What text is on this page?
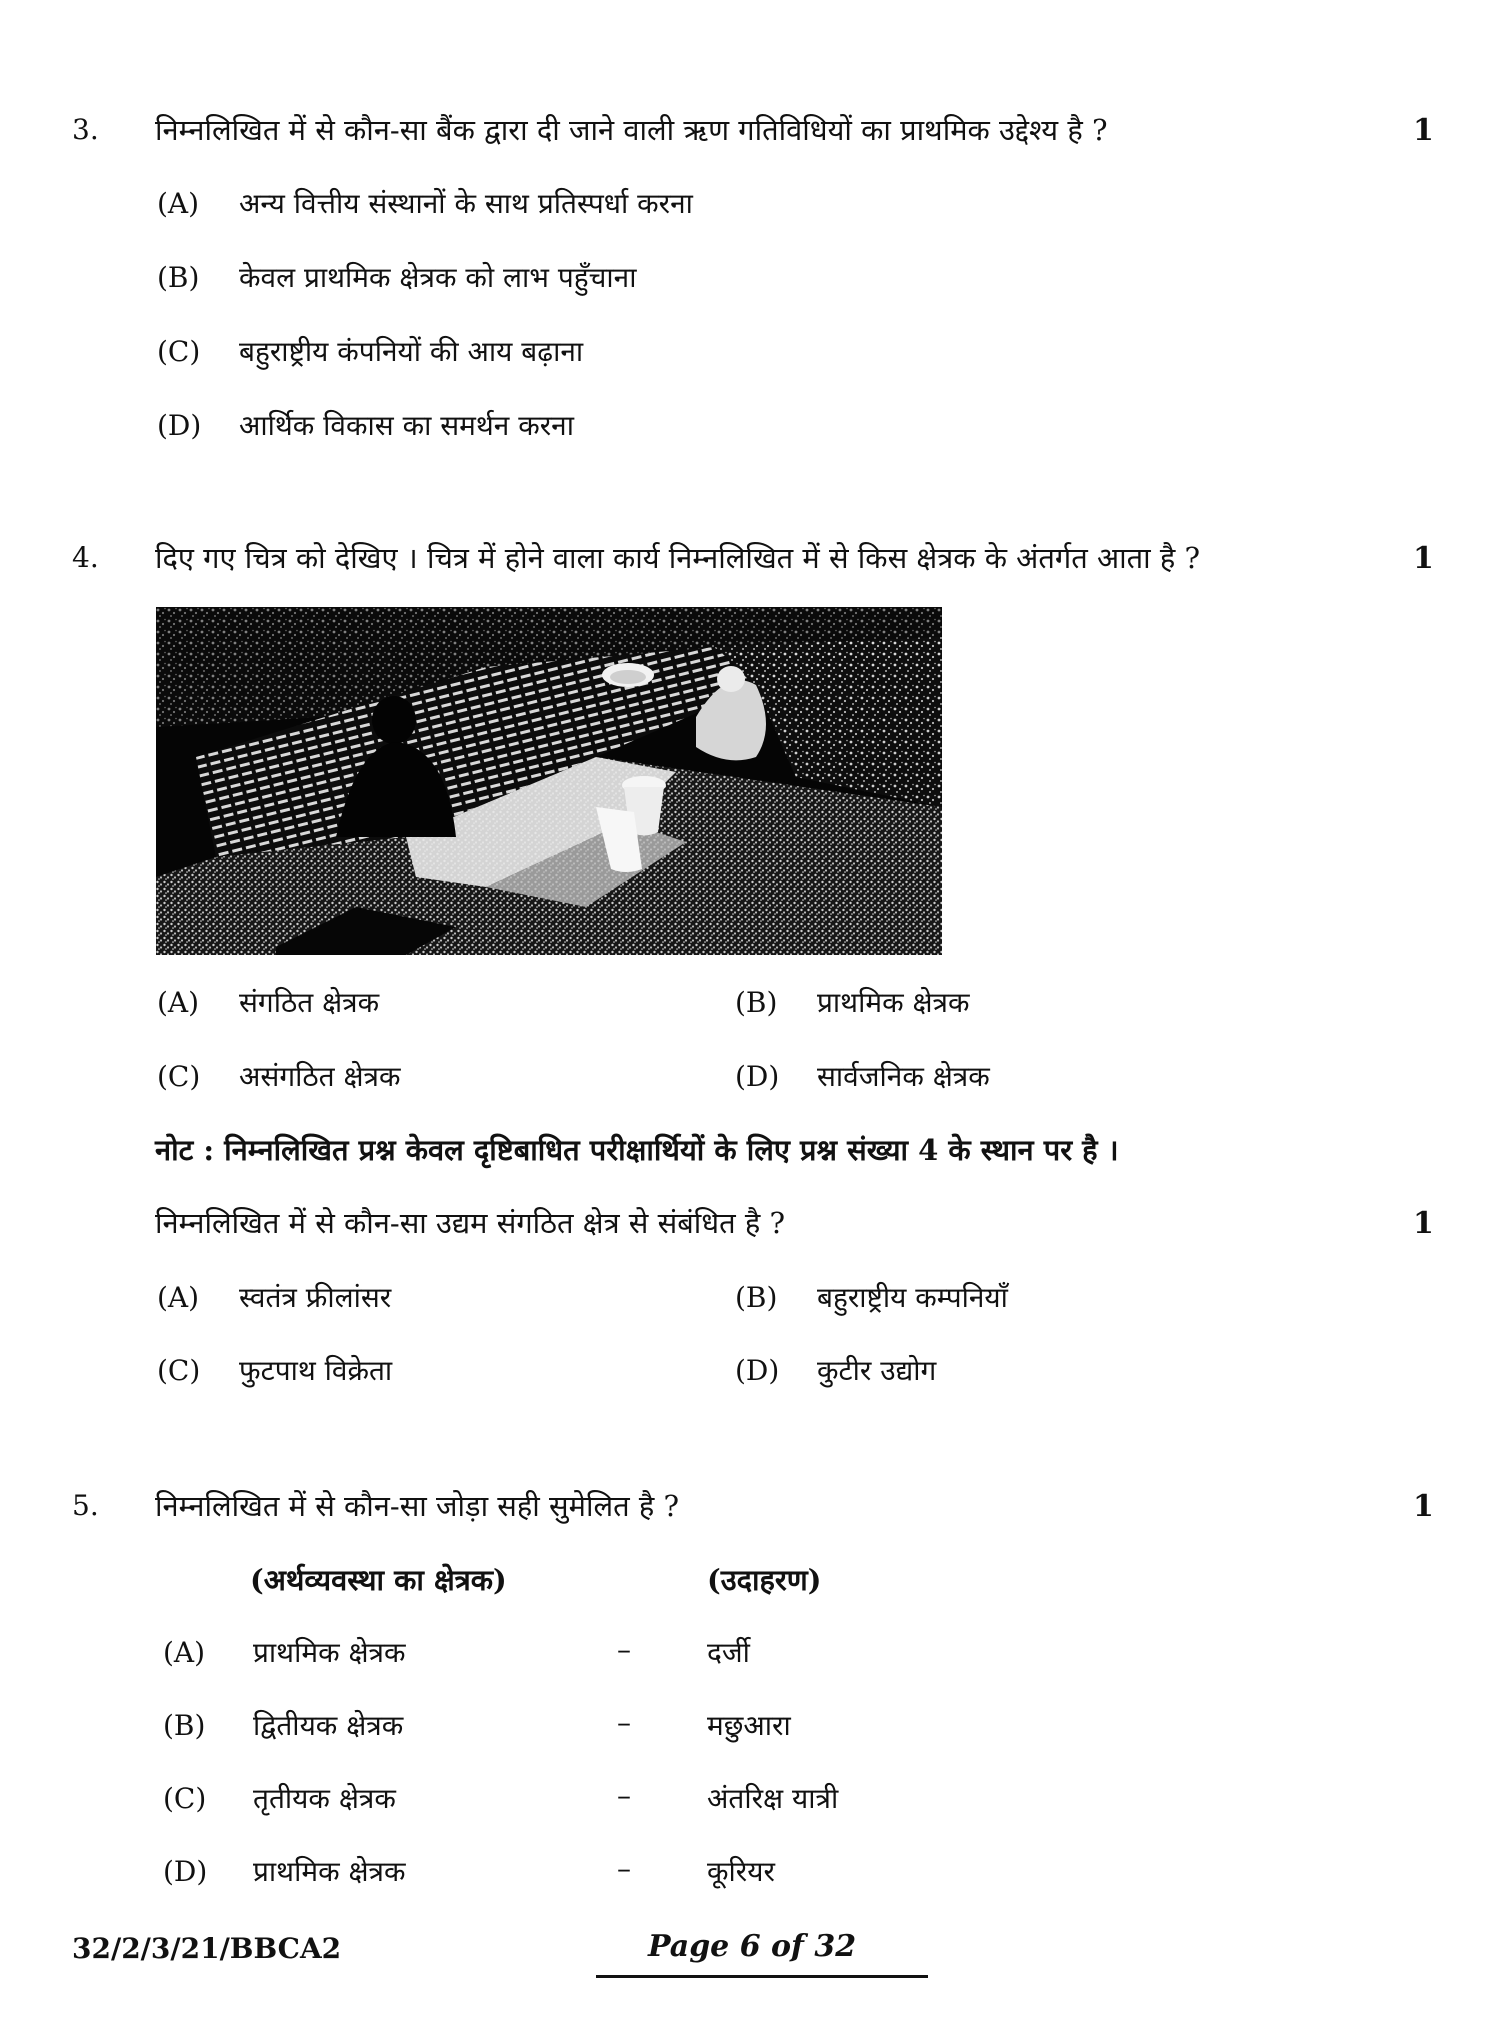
3. निम्नलिखित में से कौन-सा बैंक द्वारा दी जाने वाली ऋण गतिविधियों का प्राथमिक उद्देश्य है ?	1
(A)	अन्य वित्तीय संस्थानों के साथ प्रतिस्पर्धा करना
(B)	केवल प्राथमिक क्षेत्रक को लाभ पहुँचाना
(C)	बहुराष्ट्रीय कंपनियों की आय बढ़ाना
(D)	आर्थिक विकास का समर्थन करना
4. दिए गए चित्र को देखिए । चित्र में होने वाला कार्य निम्नलिखित में से किस क्षेत्रक के अंतर्गत आता है ?	1
(A)	संगठित क्षेत्रक	(B)	प्राथमिक क्षेत्रक
(C)	असंगठित क्षेत्रक	(D)	सार्वजनिक क्षेत्रक
नोट : निम्नलिखित प्रश्न केवल दृष्टिबाधित परीक्षार्थियों के लिए प्रश्न संख्या 4 के स्थान पर है ।
निम्नलिखित में से कौन-सा उद्यम संगठित क्षेत्र से संबंधित है ?	1
(A)	स्वतंत्र फ्रीलांसर	(B)	बहुराष्ट्रीय कम्पनियाँ
(C)	फुटपाथ विक्रेता	(D)	कुटीर उद्योग
5. निम्नलिखित में से कौन-सा जोड़ा सही सुमेलित है ?	1
(अर्थव्यवस्था का क्षेत्रक)	(उदाहरण)
(A)	प्राथमिक क्षेत्रक	–	दर्जी
(B)	द्वितीयक क्षेत्रक	–	मछुआरा
(C)	तृतीयक क्षेत्रक	–	अंतरिक्ष यात्री
(D)	प्राथमिक क्षेत्रक	–	कूरियर
32/2/3/21/BBCA2	Page 6 of 32
